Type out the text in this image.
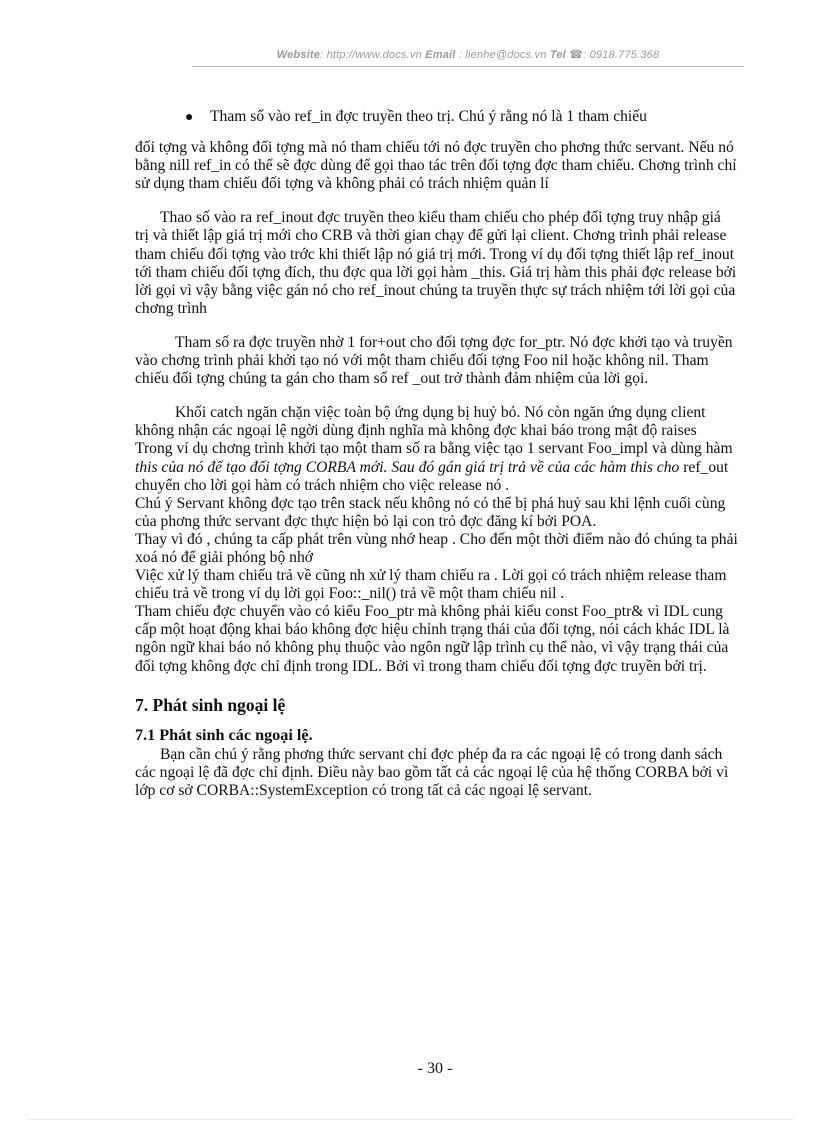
Website: http://www.docs.vn Email : lienhe@docs.vn Tel ☎: 0918.775.368

● Tham số vào ref_in đợc truyền theo trị. Chú ý rằng nó là 1 tham chiếu

đối tợng và không đối tợng mà nó tham chiếu tới nó đợc truyền cho phơng thức servant. Nếu nó bằng nill ref_in có thể sẽ đợc dùng để gọi thao tác trên đối tợng đợc tham chiếu. Chơng trình chỉ sử dụng tham chiếu đối tợng và không phải có trách nhiệm quản lí

Thao số vào ra ref_inout đợc truyền theo kiểu tham chiếu cho phép đối tợng truy nhập giá trị và thiết lập giá trị mới cho CRB và thời gian chạy để gửi lại client. Chơng trình phải release tham chiếu đối tợng vào trớc khi thiết lập nó giá trị mới. Trong ví dụ đối tợng thiết lập ref_inout tới tham chiếu đối tợng đích, thu đợc qua lời gọi hàm _this. Giá trị hàm this phải đợc release bởi lời gọi vì vậy bằng việc gán nó cho ref_inout chúng ta truyền thực sự trách nhiệm tới lời gọi của chơng trình

Tham số ra đợc truyền nhờ 1 for+out cho đối tợng đợc for_ptr. Nó đợc khởi tạo và truyền vào chơng trình phải khởi tạo nó với một tham chiếu đối tợng Foo nil hoặc không nil. Tham chiếu đối tợng chúng ta gán cho tham số ref _out trở thành đảm nhiệm của lời gọi.

Khối catch ngăn chặn việc toàn bộ ứng dụng bị huỷ bỏ. Nó còn ngăn ứng dụng client không nhận các ngoại lệ ngời dùng định nghĩa mà không đợc khai báo trong mật độ raises

Trong ví dụ chơng trình khởi tạo một tham số ra bằng việc tạo 1 servant Foo_impl và dùng hàm this của nó để tạo đối tợng CORBA mới. Sau đó gán giá trị trả về của các hàm this cho ref_out chuyển cho lời gọi hàm có trách nhiệm cho việc release nó .

Chú ý Servant không đợc tạo trên stack nếu không nó có thể bị phá huỷ sau khi lệnh cuối cùng của phơng thức servant đợc thực hiện bỏ lại con trỏ đợc đăng kí bởi POA.

Thay vì đó , chúng ta cấp phát trên vùng nhớ heap . Cho đến một thời điểm nào đó chúng ta phải xoá nó để giải phóng bộ nhớ

Việc xử lý tham chiếu trả về cũng nh xử lý tham chiếu ra . Lời gọi có trách nhiệm release tham chiếu trả về trong ví dụ lời gọi Foo::_nil() trả về một tham chiếu nil .

Tham chiếu đợc chuyển vào có kiểu Foo_ptr mà không phải kiểu const Foo_ptr& vì IDL cung cấp một hoạt động khai báo không đợc hiệu chỉnh trạng thái của đối tợng, nói cách khác IDL là ngôn ngữ khai báo nó không phụ thuộc vào ngôn ngữ lập trình cụ thể nào, vì vậy trạng thái của đối tợng không đợc chỉ định trong IDL. Bởi vì trong tham chiếu đối tợng đợc truyền bởi trị.

7. Phát sinh ngoại lệ

7.1 Phát sinh các ngoại lệ.

Bạn cần chú ý rằng phơng thức servant chỉ đợc phép đa ra các ngoại lệ có trong danh sách các ngoại lệ đã đợc chỉ định. Điều này bao gồm tất cả các ngoại lệ của hệ thống CORBA bởi vì lớp cơ sở CORBA::SystemException có trong tất cả các ngoại lệ servant.

- 30 -
